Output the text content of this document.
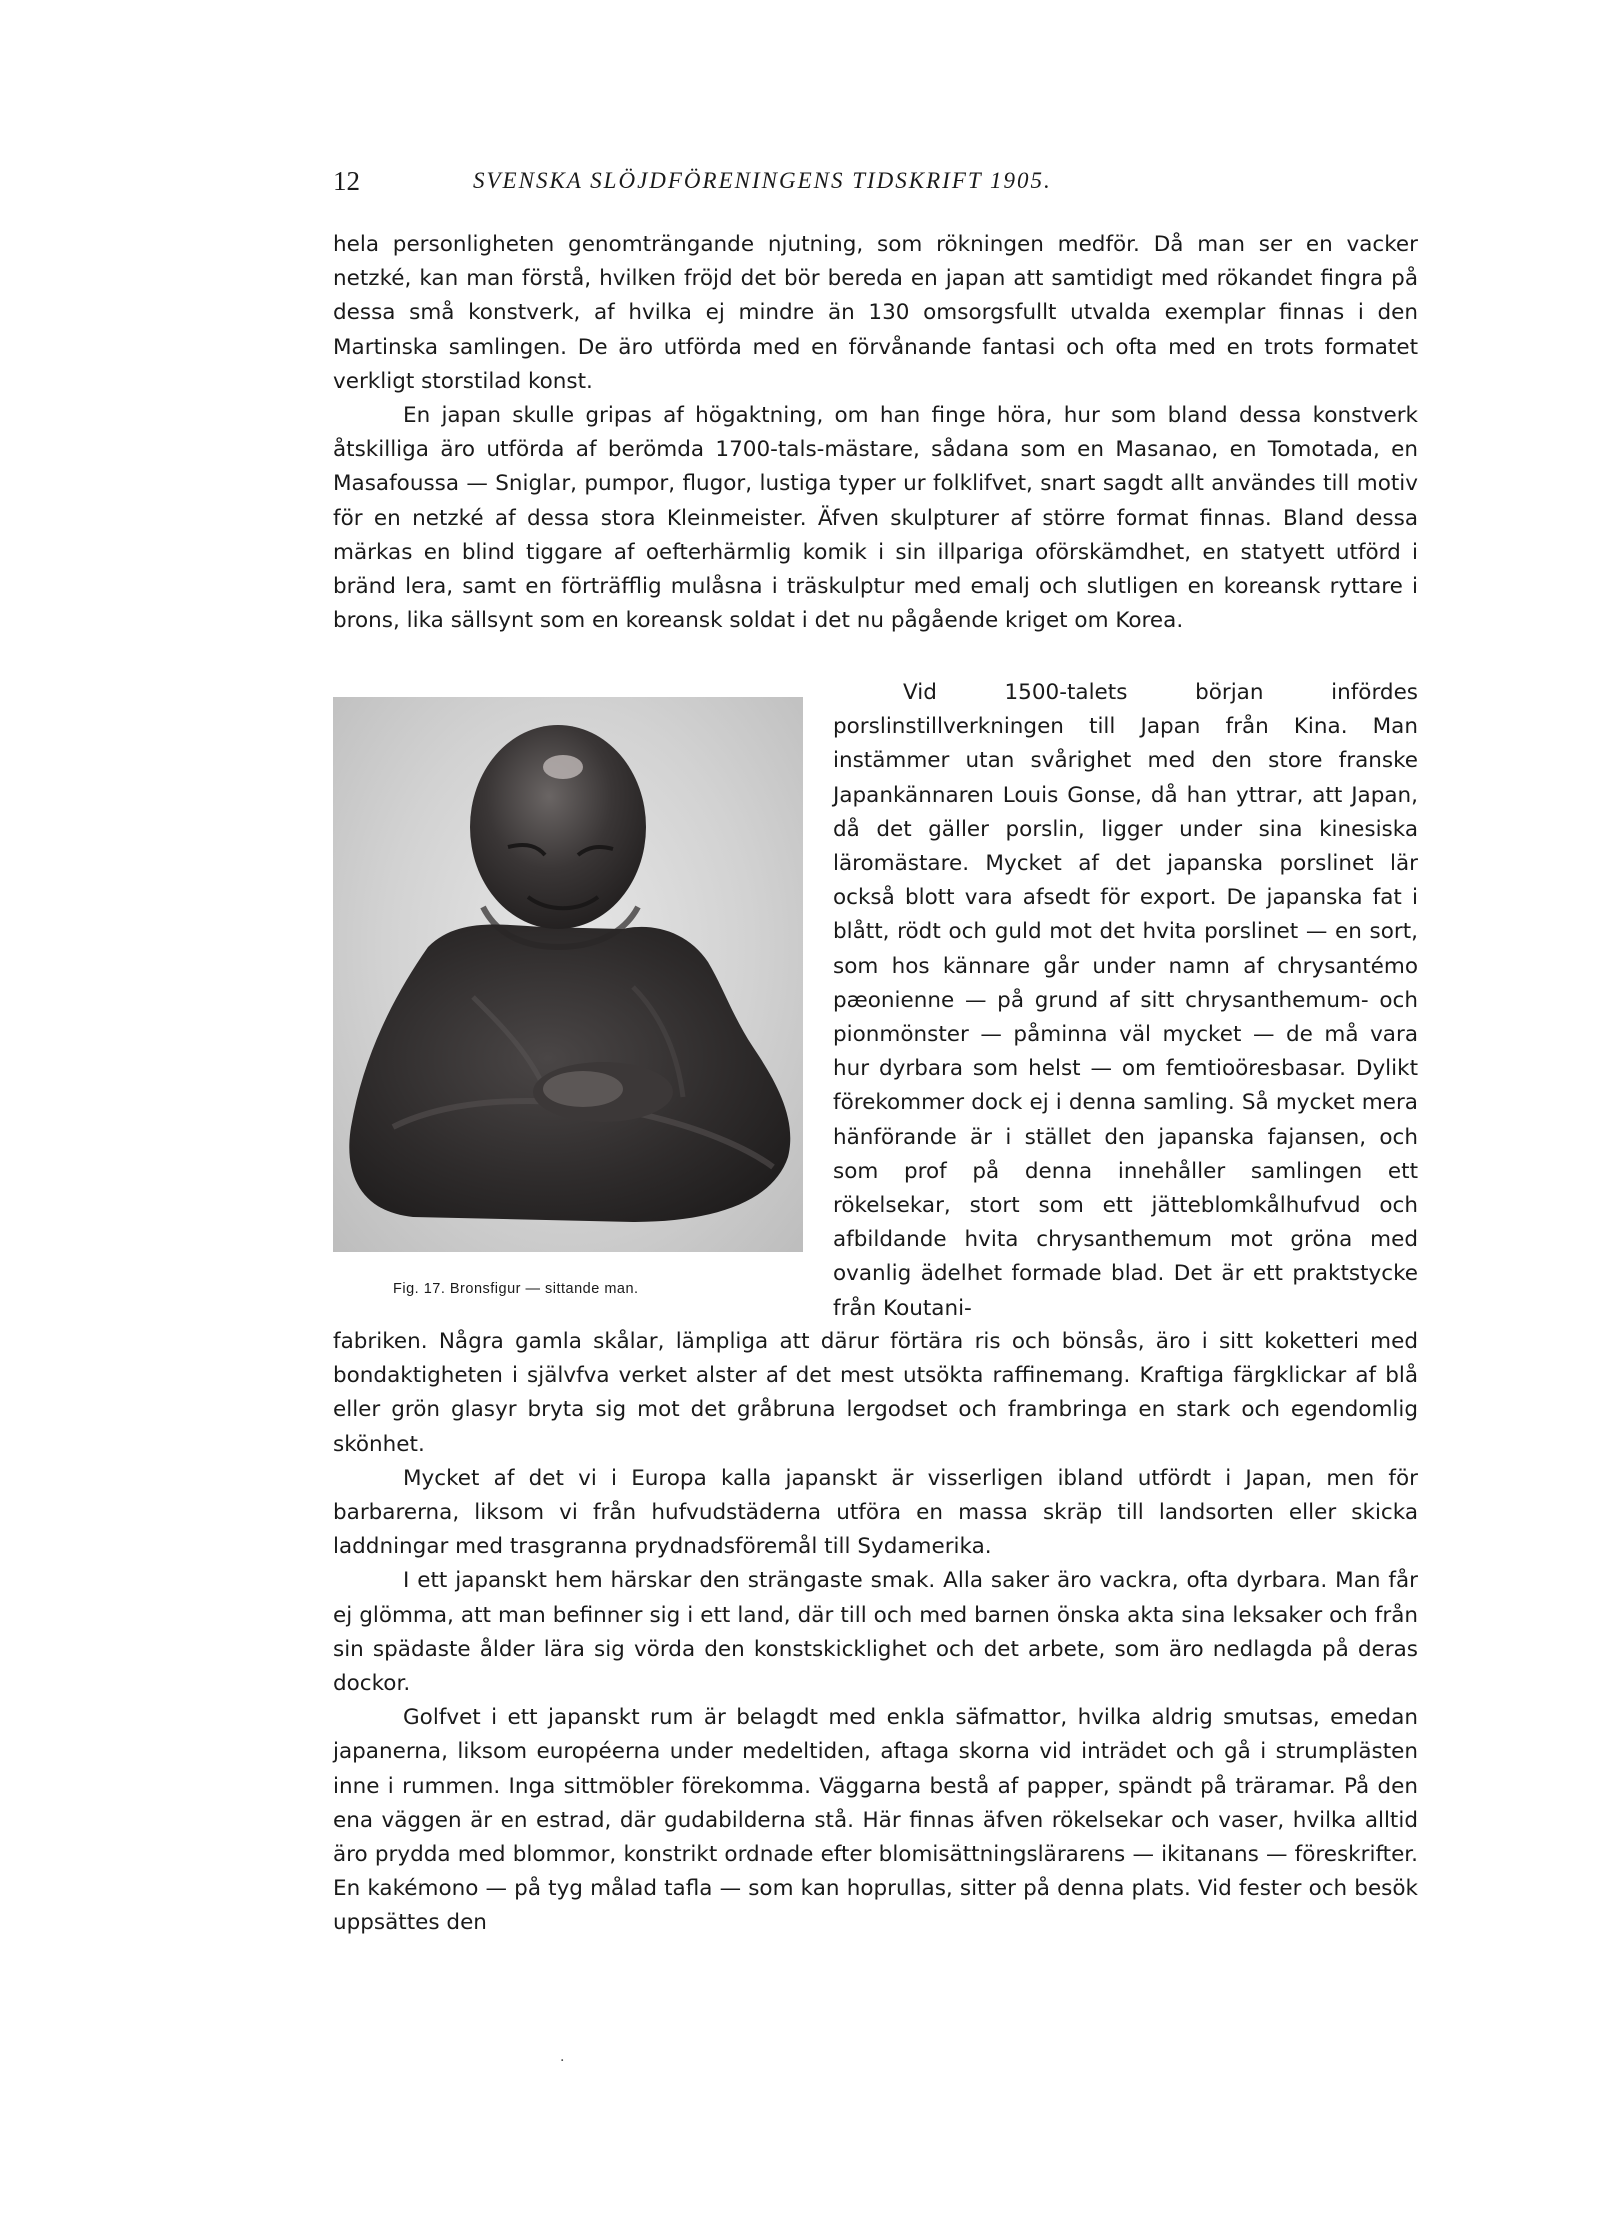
12	SVENSKA SLÖJDFÖRENINGENS TIDSKRIFT 1905.

hela personligheten genomträngande njutning, som rökningen medför. Då man ser en vacker netzké, kan man förstå, hvilken fröjd det bör bereda en japan att samtidigt med rökandet fingra på dessa små konstverk, af hvilka ej mindre än 130 omsorgsfullt utvalda exemplar finnas i den Martinska samlingen. De äro utförda med en förvånande fantasi och ofta med en trots formatet verkligt storstilad konst.

En japan skulle gripas af högaktning, om han finge höra, hur som bland dessa konstverk åtskilliga äro utförda af berömda 1700-tals-mästare, sådana som en Masanao, en Tomotada, en Masafoussa — Sniglar, pumpor, flugor, lustiga typer ur folklifvet, snart sagdt allt användes till motiv för en netzké af dessa stora Kleinmeister. Äfven skulpturer af större format finnas. Bland dessa märkas en blind tiggare af oefterhärmlig komik i sin illpariga oförskämdhet, en statyett utförd i bränd lera, samt en förträfflig mulåsna i träskulptur med emalj och slutligen en koreansk ryttare i brons, lika sällsynt som en koreansk soldat i det nu pågående kriget om Korea.

Fig. 17. Bronsfigur — sittande man.

Vid 1500-talets början infördes porslinstillverkningen till Japan från Kina. Man instämmer utan svårighet med den store franske Japankännaren Louis Gonse, då han yttrar, att Japan, då det gäller porslin, ligger under sina kinesiska läromästare. Mycket af det japanska porslinet lär också blott vara afsedt för export. De japanska fat i blått, rödt och guld mot det hvita porslinet — en sort, som hos kännare går under namn af chrysantémo pæonienne — på grund af sitt chrysanthemum- och pionmönster — påminna väl mycket — de må vara hur dyrbara som helst — om femtioöresbasar. Dylikt förekommer dock ej i denna samling. Så mycket mera hänförande är i stället den japanska fajansen, och som prof på denna innehåller samlingen ett rökelsekar, stort som ett jätteblomkålhufvud och afbildande hvita chrysanthemum mot gröna med ovanlig ädelhet formade blad. Det är ett praktstycke från Koutani-

fabriken. Några gamla skålar, lämpliga att därur förtära ris och bönsås, äro i sitt koketteri med bondaktigheten i självfva verket alster af det mest utsökta raffinemang. Kraftiga färgklickar af blå eller grön glasyr bryta sig mot det gråbruna lergodset och frambringa en stark och egendomlig skönhet.

Mycket af det vi i Europa kalla japanskt är visserligen ibland utfördt i Japan, men för barbarerna, liksom vi från hufvudstäderna utföra en massa skräp till landsorten eller skicka laddningar med trasgranna prydnadsföremål till Sydamerika.

I ett japanskt hem härskar den strängaste smak. Alla saker äro vackra, ofta dyrbara. Man får ej glömma, att man befinner sig i ett land, där till och med barnen önska akta sina leksaker och från sin spädaste ålder lära sig vörda den konstskicklighet och det arbete, som äro nedlagda på deras dockor.

Golfvet i ett japanskt rum är belagdt med enkla säfmattor, hvilka aldrig smutsas, emedan japanerna, liksom européerna under medeltiden, aftaga skorna vid inträdet och gå i strumplästen inne i rummen. Inga sittmöbler förekomma. Väggarna bestå af papper, spändt på träramar. På den ena väggen är en estrad, där gudabilderna stå. Här finnas äfven rökelsekar och vaser, hvilka alltid äro prydda med blommor, konstrikt ordnade efter blomisättningslärarens — ikitanans — föreskrifter. En kakémono — på tyg målad tafla — som kan hoprullas, sitter på denna plats. Vid fester och besök uppsättes den

·
